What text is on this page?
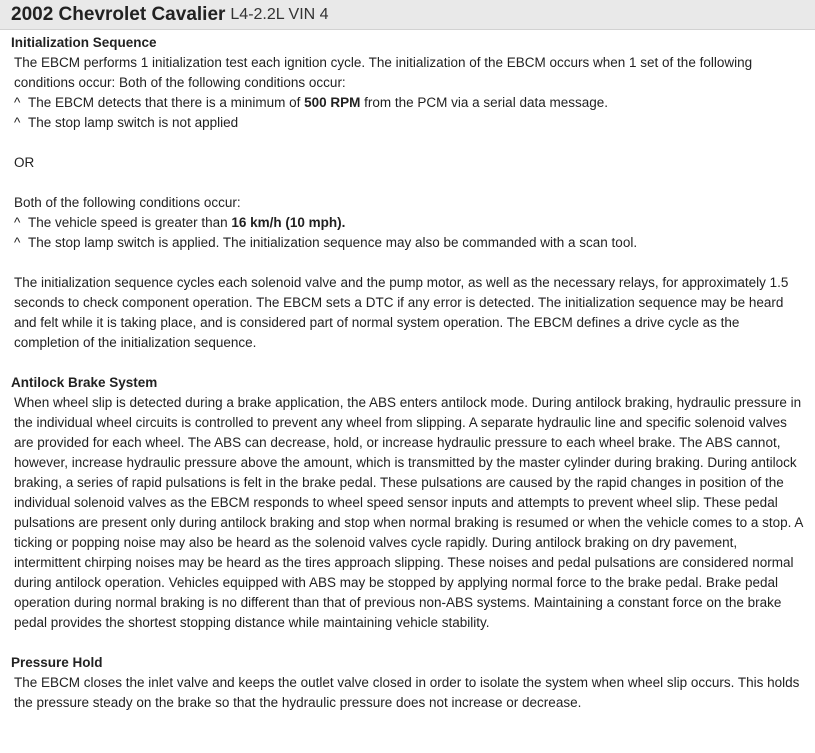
2002 Chevrolet Cavalier L4-2.2L VIN 4
Initialization Sequence
The EBCM performs 1 initialization test each ignition cycle. The initialization of the EBCM occurs when 1 set of the following conditions occur: Both of the following conditions occur:
^ The EBCM detects that there is a minimum of 500 RPM from the PCM via a serial data message.
^ The stop lamp switch is not applied
OR
Both of the following conditions occur:
^ The vehicle speed is greater than 16 km/h (10 mph).
^ The stop lamp switch is applied. The initialization sequence may also be commanded with a scan tool.
The initialization sequence cycles each solenoid valve and the pump motor, as well as the necessary relays, for approximately 1.5 seconds to check component operation. The EBCM sets a DTC if any error is detected. The initialization sequence may be heard and felt while it is taking place, and is considered part of normal system operation. The EBCM defines a drive cycle as the completion of the initialization sequence.
Antilock Brake System
When wheel slip is detected during a brake application, the ABS enters antilock mode. During antilock braking, hydraulic pressure in the individual wheel circuits is controlled to prevent any wheel from slipping. A separate hydraulic line and specific solenoid valves are provided for each wheel. The ABS can decrease, hold, or increase hydraulic pressure to each wheel brake. The ABS cannot, however, increase hydraulic pressure above the amount, which is transmitted by the master cylinder during braking. During antilock braking, a series of rapid pulsations is felt in the brake pedal. These pulsations are caused by the rapid changes in position of the individual solenoid valves as the EBCM responds to wheel speed sensor inputs and attempts to prevent wheel slip. These pedal pulsations are present only during antilock braking and stop when normal braking is resumed or when the vehicle comes to a stop. A ticking or popping noise may also be heard as the solenoid valves cycle rapidly. During antilock braking on dry pavement, intermittent chirping noises may be heard as the tires approach slipping. These noises and pedal pulsations are considered normal during antilock operation. Vehicles equipped with ABS may be stopped by applying normal force to the brake pedal. Brake pedal operation during normal braking is no different than that of previous non-ABS systems. Maintaining a constant force on the brake pedal provides the shortest stopping distance while maintaining vehicle stability.
Pressure Hold
The EBCM closes the inlet valve and keeps the outlet valve closed in order to isolate the system when wheel slip occurs. This holds the pressure steady on the brake so that the hydraulic pressure does not increase or decrease.
